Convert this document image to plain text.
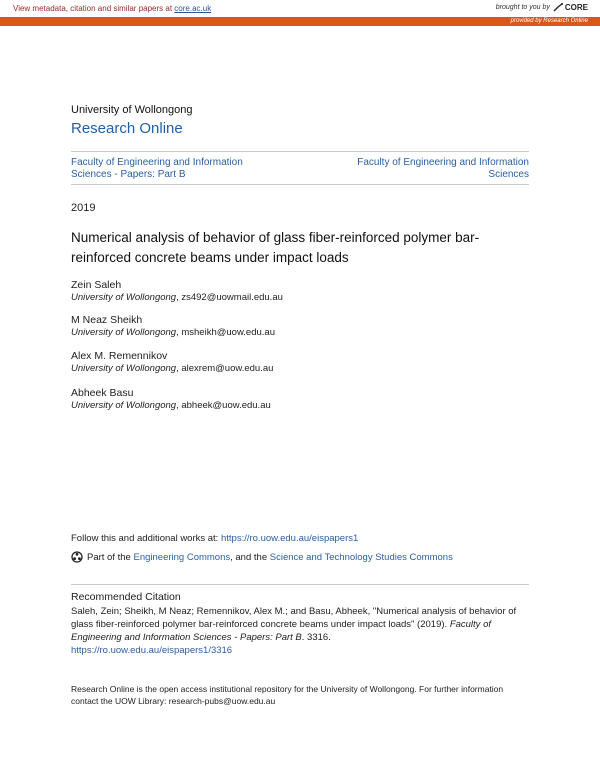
View metadata, citation and similar papers at core.ac.uk	brought to you by CORE
provided by Research Online
University of Wollongong
Research Online
Faculty of Engineering and Information Sciences - Papers: Part B
Faculty of Engineering and Information Sciences
2019
Numerical analysis of behavior of glass fiber-reinforced polymer bar-reinforced concrete beams under impact loads
Zein Saleh
University of Wollongong, zs492@uowmail.edu.au
M Neaz Sheikh
University of Wollongong, msheikh@uow.edu.au
Alex M. Remennikov
University of Wollongong, alexrem@uow.edu.au
Abheek Basu
University of Wollongong, abheek@uow.edu.au
Follow this and additional works at: https://ro.uow.edu.au/eispapers1
Part of the Engineering Commons, and the Science and Technology Studies Commons
Recommended Citation
Saleh, Zein; Sheikh, M Neaz; Remennikov, Alex M.; and Basu, Abheek, "Numerical analysis of behavior of glass fiber-reinforced polymer bar-reinforced concrete beams under impact loads" (2019). Faculty of Engineering and Information Sciences - Papers: Part B. 3316.
https://ro.uow.edu.au/eispapers1/3316
Research Online is the open access institutional repository for the University of Wollongong. For further information contact the UOW Library: research-pubs@uow.edu.au
